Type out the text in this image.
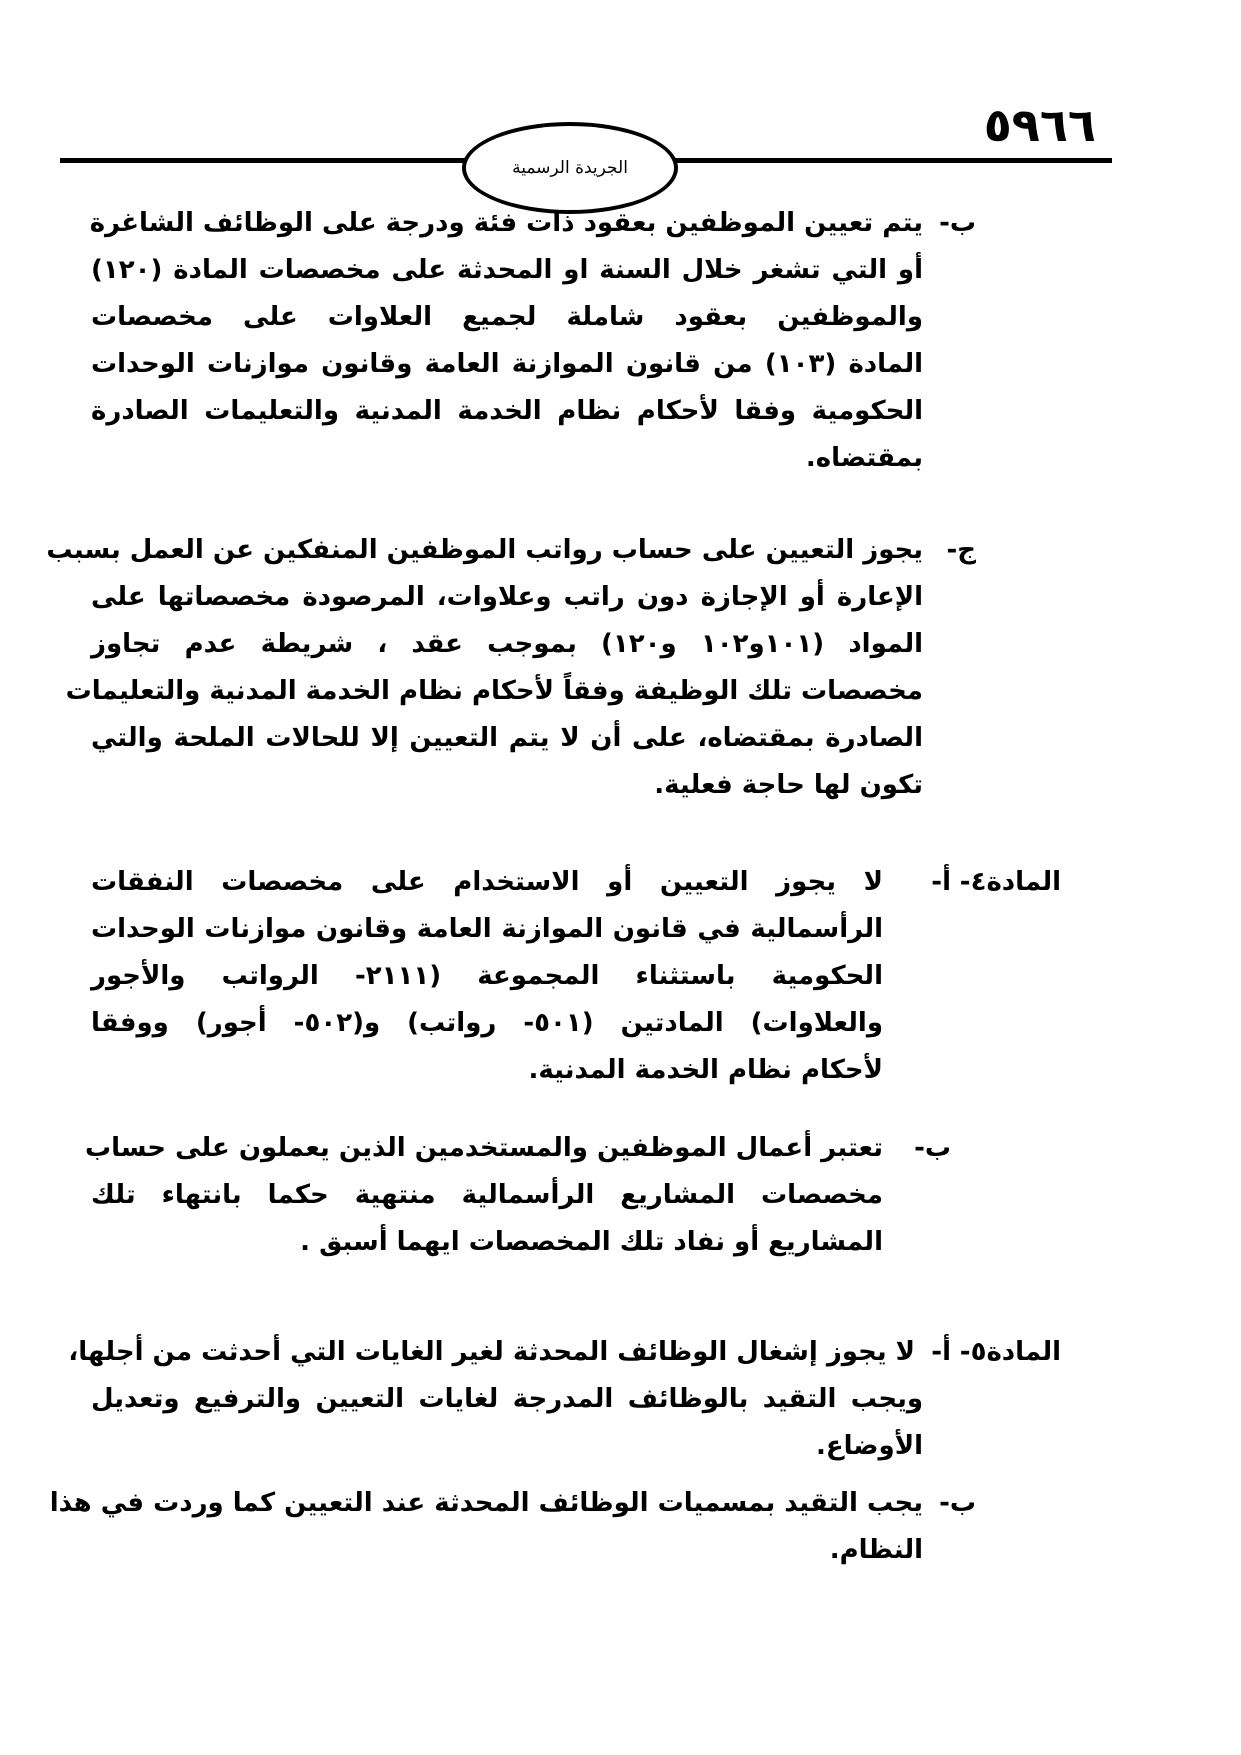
٥٩٦٦
الجريدة الرسمية
ب-
يتم تعيين الموظفين بعقود ذات فئة ودرجة على الوظائف الشاغرة
أو التي تشغر خلال السنة او المحدثة على مخصصات المادة (١٢٠)
والموظفين بعقود شاملة لجميع العلاوات على مخصصات
المادة (١٠٣) من قانون الموازنة العامة وقانون موازنات الوحدات
الحكومية وفقا لأحكام نظام الخدمة المدنية والتعليمات الصادرة
بمقتضاه.
ج-
يجوز التعيين على حساب رواتب الموظفين المنفكين عن العمل بسبب
الإعارة أو الإجازة دون راتب وعلاوات، المرصودة مخصصاتها على
المواد (١٠١و١٠٢ و١٢٠) بموجب عقد ، شريطة عدم تجاوز
مخصصات تلك الوظيفة وفقاً لأحكام نظام الخدمة المدنية والتعليمات
الصادرة بمقتضاه، على أن لا يتم التعيين إلا للحالات الملحة والتي
تكون لها حاجة فعلية.
المادة٤-
أ-
لا يجوز التعيين أو الاستخدام على مخصصات النفقات
الرأسمالية في قانون الموازنة العامة وقانون موازنات الوحدات
الحكومية باستثناء المجموعة (٢١١١- الرواتب والأجور
والعلاوات) المادتين (٥٠١- رواتب) و(٥٠٢- أجور) ووفقا
لأحكام نظام الخدمة المدنية.
ب-
تعتبر أعمال الموظفين والمستخدمين الذين يعملون على حساب
مخصصات المشاريع الرأسمالية منتهية حكما بانتهاء تلك
المشاريع أو نفاد تلك المخصصات ايهما أسبق .
المادة٥-
أ-
لا يجوز إشغال الوظائف المحدثة لغير الغايات التي أحدثت من أجلها،
ويجب التقيد بالوظائف المدرجة لغايات التعيين والترفيع وتعديل
الأوضاع.
ب-
يجب التقيد بمسميات الوظائف المحدثة عند التعيين كما وردت في هذا
النظام.
